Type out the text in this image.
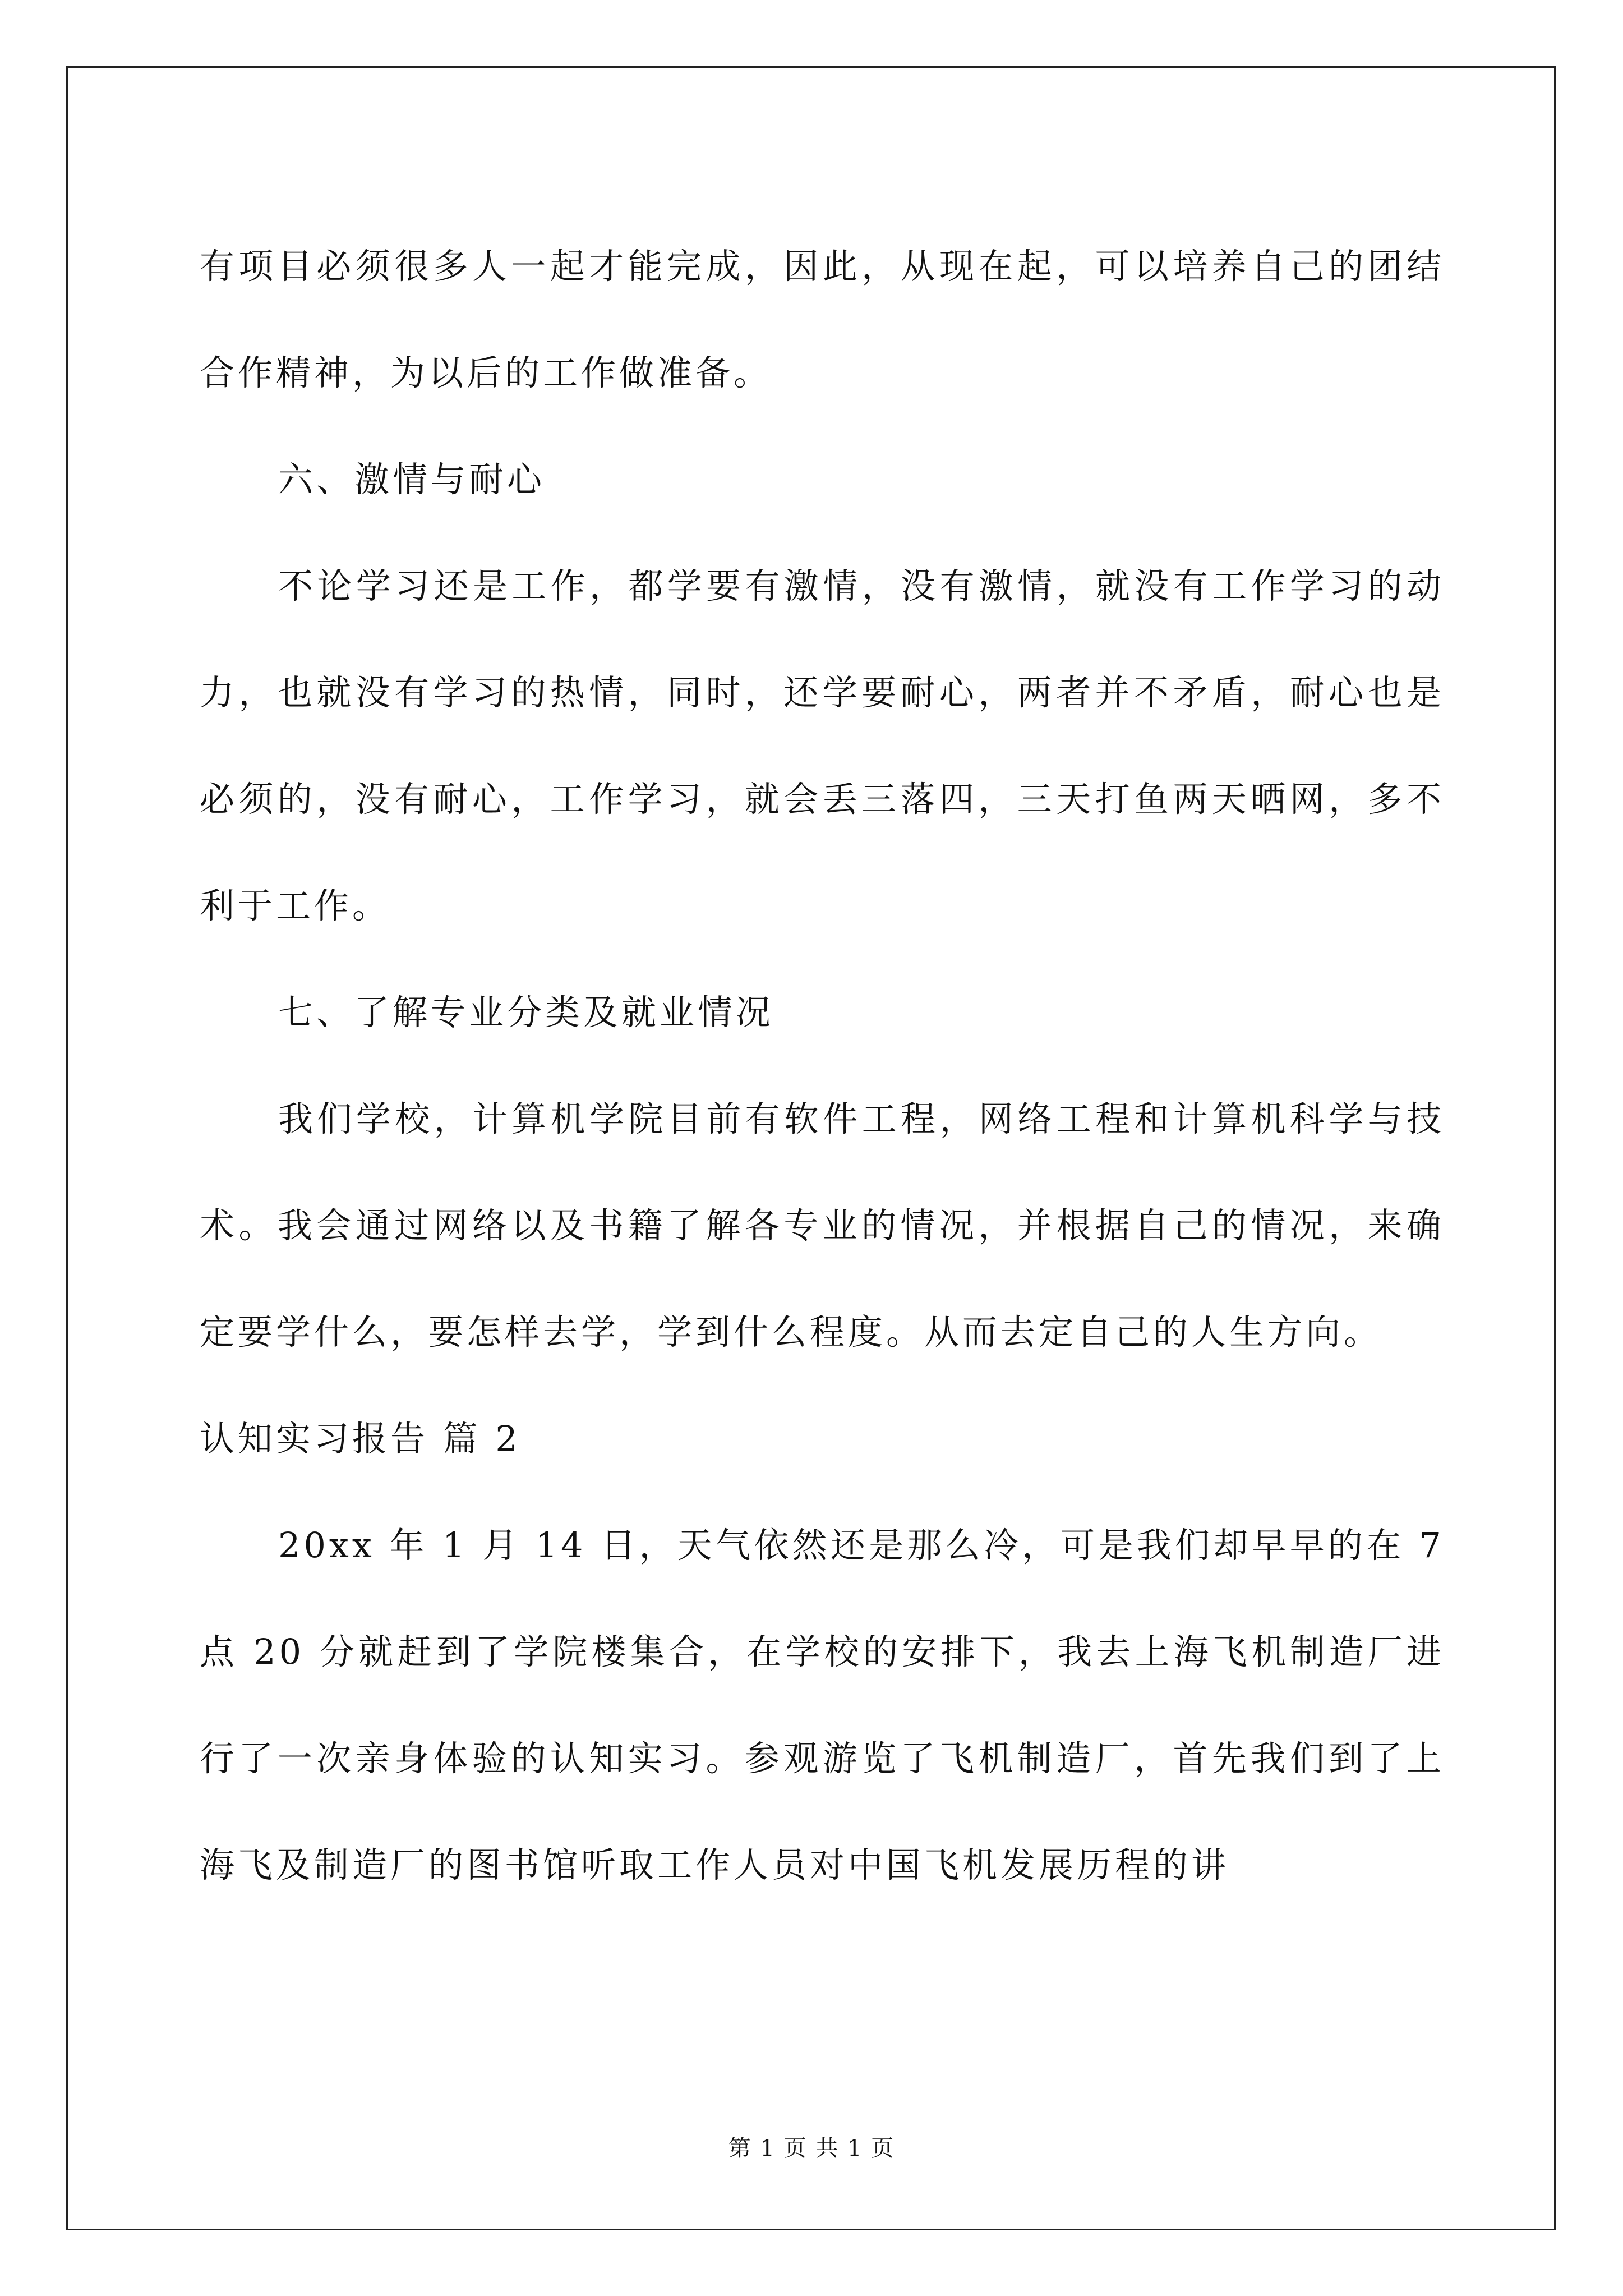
有项目必须很多人一起才能完成，因此，从现在起，可以培养自己的团结合作精神，为以后的工作做准备。

六、激情与耐心

不论学习还是工作，都学要有激情，没有激情，就没有工作学习的动力，也就没有学习的热情，同时，还学要耐心，两者并不矛盾，耐心也是必须的，没有耐心，工作学习，就会丢三落四，三天打鱼两天晒网，多不利于工作。

七、了解专业分类及就业情况

我们学校，计算机学院目前有软件工程，网络工程和计算机科学与技术。我会通过网络以及书籍了解各专业的情况，并根据自己的情况，来确定要学什么，要怎样去学，学到什么程度。从而去定自己的人生方向。

认知实习报告 篇 2

20xx 年 1 月 14 日，天气依然还是那么冷，可是我们却早早的在 7 点 20 分就赶到了学院楼集合，在学校的安排下，我去上海飞机制造厂进行了一次亲身体验的认知实习。参观游览了飞机制造厂，首先我们到了上海飞及制造厂的图书馆听取工作人员对中国飞机发展历程的讲

第 1 页 共 1 页
